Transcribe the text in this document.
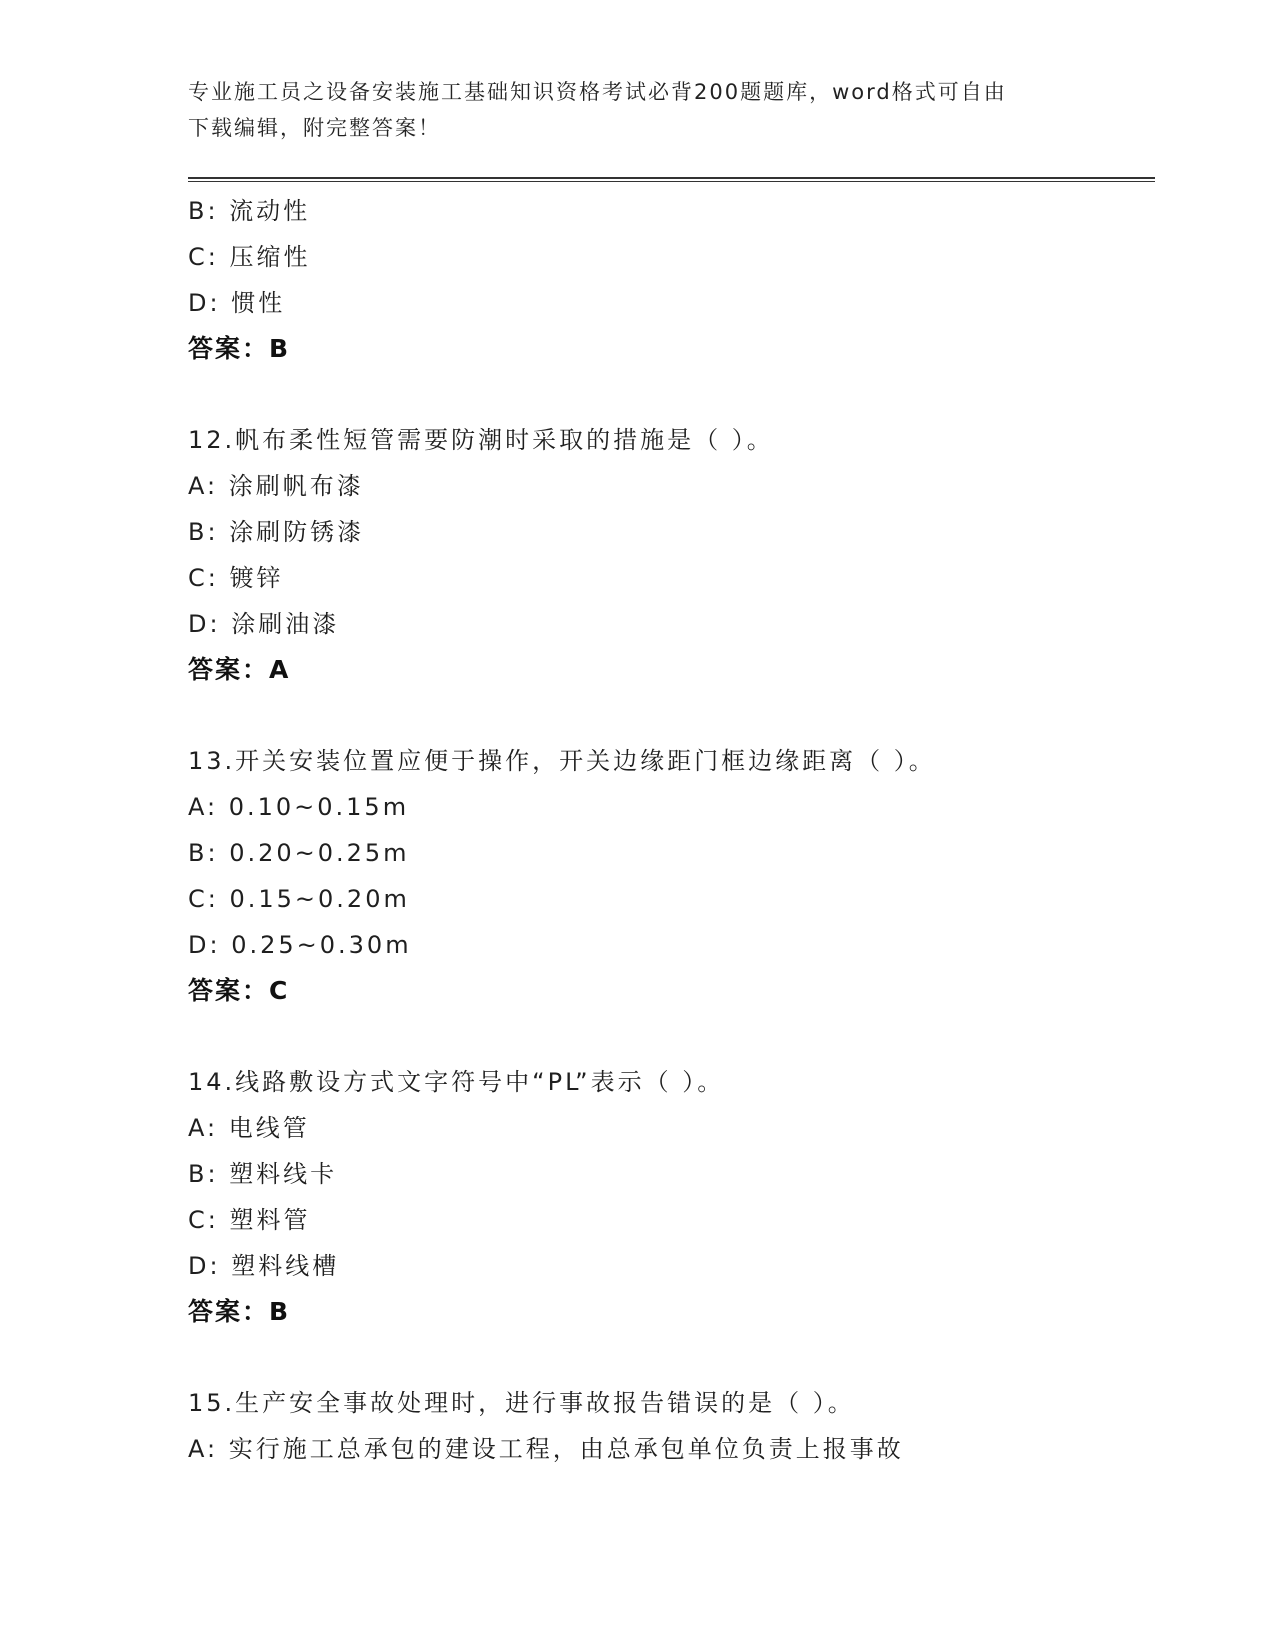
专业施工员之设备安装施工基础知识资格考试必背200题题库，word格式可自由
下载编辑，附完整答案！
B: 流动性
C: 压缩性
D: 惯性
答案：B
12.帆布柔性短管需要防潮时采取的措施是（ ）。
A: 涂刷帆布漆
B: 涂刷防锈漆
C: 镀锌
D: 涂刷油漆
答案：A
13.开关安装位置应便于操作，开关边缘距门框边缘距离（ ）。
A: 0.10~0.15m
B: 0.20~0.25m
C: 0.15~0.20m
D: 0.25~0.30m
答案：C
14.线路敷设方式文字符号中“PL”表示（ ）。
A: 电线管
B: 塑料线卡
C: 塑料管
D: 塑料线槽
答案：B
15.生产安全事故处理时，进行事故报告错误的是（ ）。
A: 实行施工总承包的建设工程，由总承包单位负责上报事故
